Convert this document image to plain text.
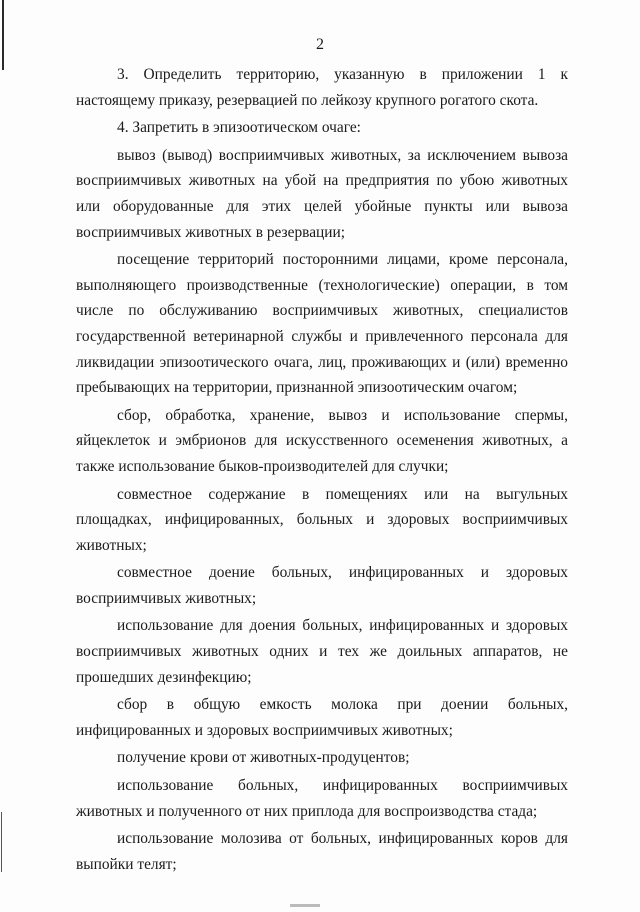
2

3. Определить территорию, указанную в приложении 1 к настоящему приказу, резервацией по лейкозу крупного рогатого скота.

4. Запретить в эпизоотическом очаге:

вывоз (вывод) восприимчивых животных, за исключением вывоза восприимчивых животных на убой на предприятия по убою животных или оборудованные для этих целей убойные пункты или вывоза восприимчивых животных в резервации;

посещение территорий посторонними лицами, кроме персонала, выполняющего производственные (технологические) операции, в том числе по обслуживанию восприимчивых животных, специалистов государственной ветеринарной службы и привлеченного персонала для ликвидации эпизоотического очага, лиц, проживающих и (или) временно пребывающих на территории, признанной эпизоотическим очагом;

сбор, обработка, хранение, вывоз и использование спермы, яйцеклеток и эмбрионов для искусственного осеменения животных, а также использование быков-производителей для случки;

совместное содержание в помещениях или на выгульных площадках, инфицированных, больных и здоровых восприимчивых животных;

совместное доение больных, инфицированных и здоровых восприимчивых животных;

использование для доения больных, инфицированных и здоровых восприимчивых животных одних и тех же доильных аппаратов, не прошедших дезинфекцию;

сбор в общую емкость молока при доении больных, инфицированных и здоровых восприимчивых животных;

получение крови от животных-продуцентов;

использование больных, инфицированных восприимчивых животных и полученного от них приплода для воспроизводства стада;

использование молозива от больных, инфицированных коров для выпойки телят;
